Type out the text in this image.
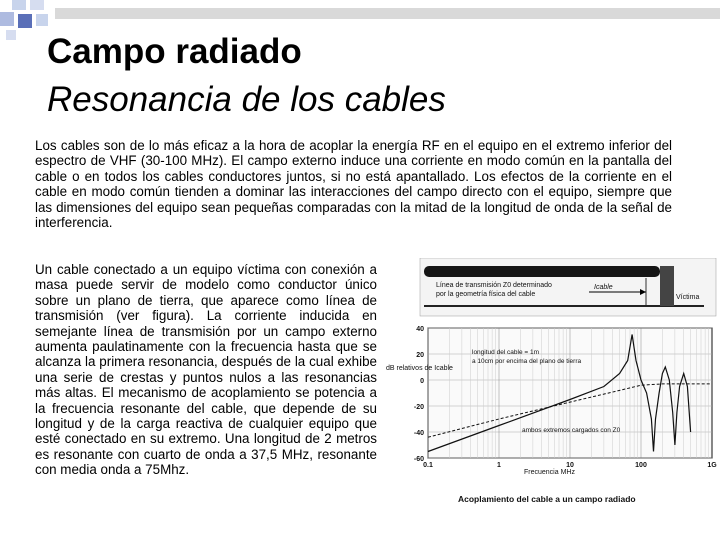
Campo radiado
Resonancia de los cables

Los cables son de lo más eficaz a la hora de acoplar la energía RF en el equipo en el extremo inferior del espectro de VHF (30-100 MHz). El campo externo induce una corriente en modo común en la pantalla del cable o en todos los cables conductores juntos, si no está apantallado. Los efectos de la corriente en el cable en modo común tienden a dominar las interacciones del campo directo con el equipo, siempre que las dimensiones del equipo sean pequeñas comparadas con la mitad de la longitud de onda de la señal de interferencia.

Un cable conectado a un equipo víctima con conexión a masa puede servir de modelo como conductor único sobre un plano de tierra, que aparece como línea de transmisión (ver figura). La corriente inducida en semejante línea de transmisión por un campo externo aumenta paulatinamente con la frecuencia hasta que se alcanza la primera resonancia, después de la cual exhibe una serie de crestas y puntos nulos a las resonancias más altas. El mecanismo de acoplamiento se potencia a la frecuencia resonante del cable, que depende de su longitud y de la carga reactiva de cualquier equipo que esté conectado en su extremo. Una longitud de 2 metros es resonante con cuarto de onda a 37,5 MHz, resonante con media onda a 75Mhz.

Línea de transmisión Z0 determinado
por la geometría física del cable
Icable
Víctima
40
20
0
-20
-40
-60
0.1	1	10	100	1G
dB relativos de Icable
Frecuencia MHz
longitud del cable = 1m
a 10cm por encima del plano de tierra
ambos extremos cargados con Z0
Acoplamiento del cable a un campo radiado
